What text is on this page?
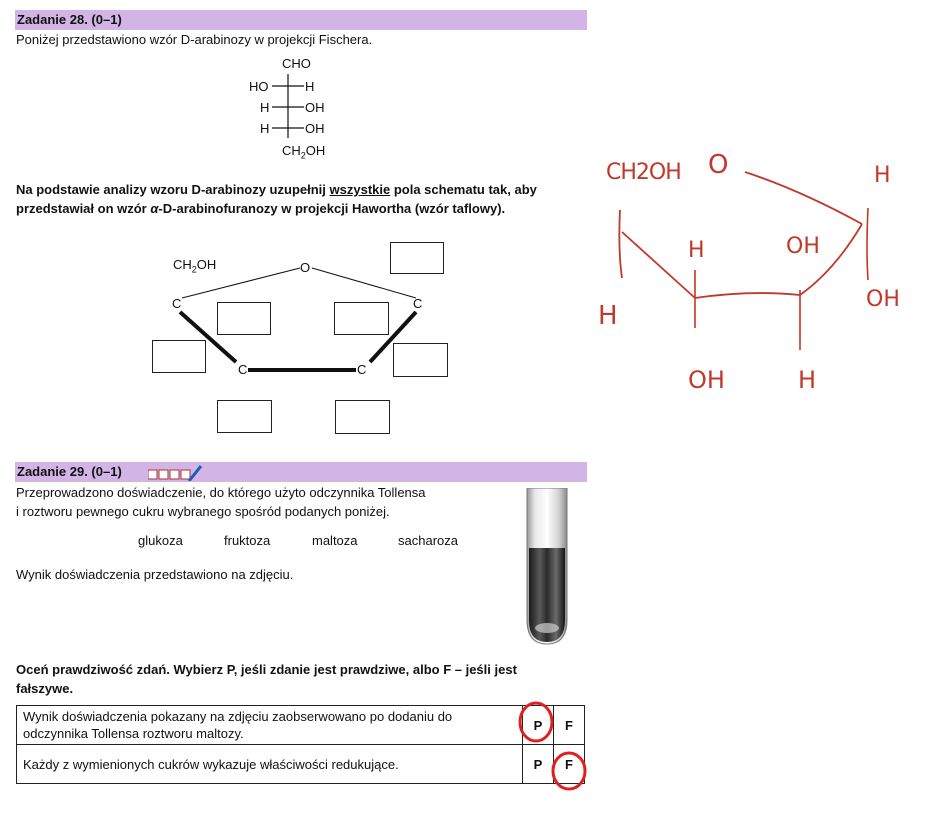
Zadanie 28. (0–1)
Poniżej przedstawiono wzór D-arabinozy w projekcji Fischera.
CHO
HO	H
H	OH
H	OH
$CH_2OH$
Na podstawie analizy wzoru D-arabinozy uzupełnij wszystkie pola schematu tak, aby
przedstawiał on wzór α-D-arabinofuranozy w projekcji Hawortha (wzór taflowy).
$CH_2OH$	O
C	C
C	C
CH2OH O	H
H	OH
H
OH
OH	H
Zadanie 29. (0–1)
Przeprowadzono doświadczenie, do którego użyto odczynnika Tollensa
i roztworu pewnego cukru wybranego spośród podanych poniżej.
glukoza	fruktoza	maltoza	sacharoza
Wynik doświadczenia przedstawiono na zdjęciu.
Oceń prawdziwość zdań. Wybierz P, jeśli zdanie jest prawdziwe, albo F – jeśli jest
fałszywe.
Wynik doświadczenia pokazany na zdjęciu zaobserwowano po dodaniu do
odczynnika Tollensa roztworu maltozy.	P	F

Każdy z wymienionych cukrów wykazuje właściwości redukujące.	P	F
